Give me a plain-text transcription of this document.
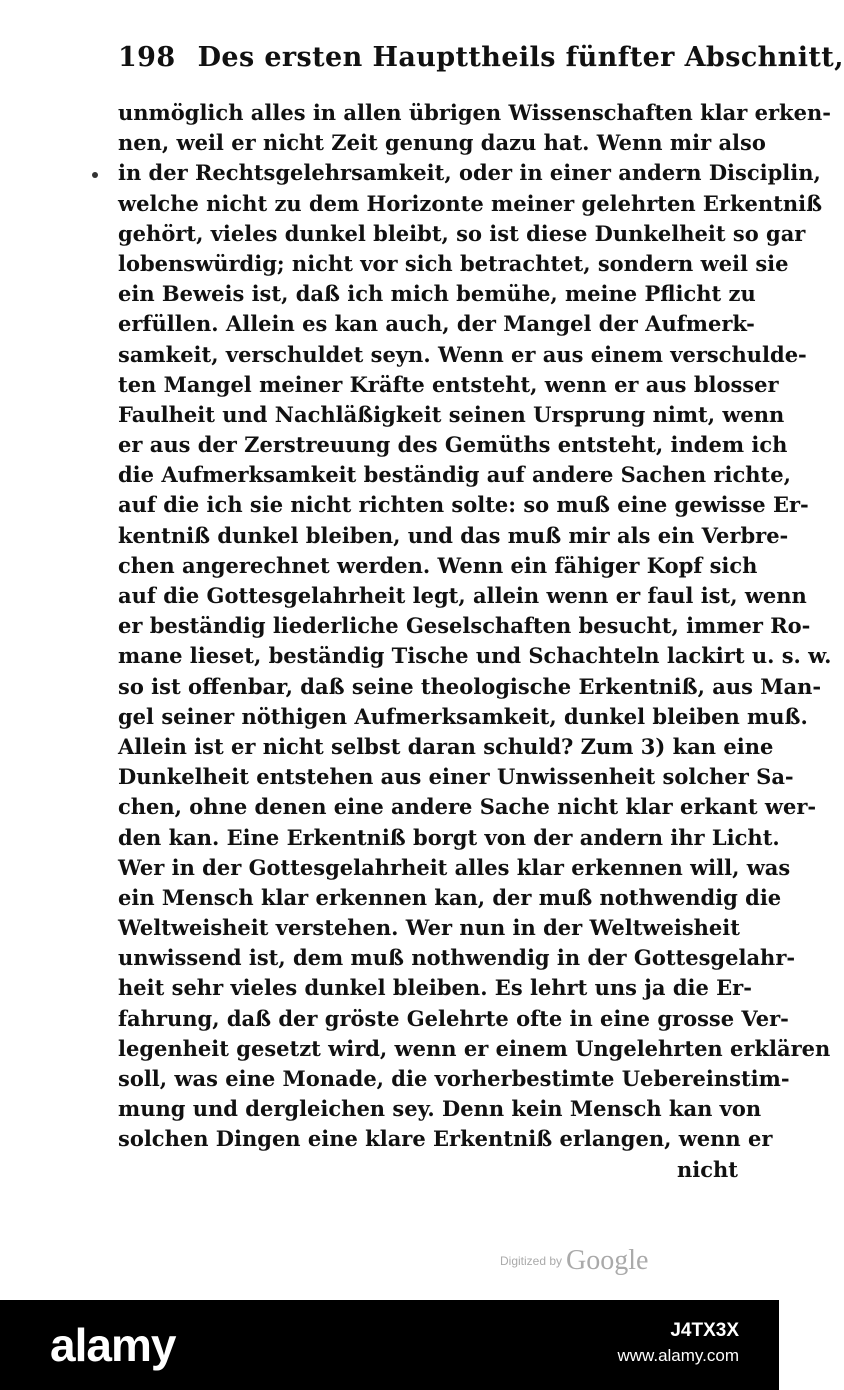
198 Des ersten Haupttheils fünfter Abschnitt,
unmöglich alles in allen übrigen Wissenschaften klar erken-
nen, weil er nicht Zeit genung dazu hat. Wenn mir also
in der Rechtsgelehrsamkeit, oder in einer andern Disciplin,
welche nicht zu dem Horizonte meiner gelehrten Erkentniß
gehört, vieles dunkel bleibt, so ist diese Dunkelheit so gar
lobenswürdig; nicht vor sich betrachtet, sondern weil sie
ein Beweis ist, daß ich mich bemühe, meine Pflicht zu
erfüllen. Allein es kan auch, der Mangel der Aufmerk-
samkeit, verschuldet seyn. Wenn er aus einem verschulde-
ten Mangel meiner Kräfte entsteht, wenn er aus blosser
Faulheit und Nachläßigkeit seinen Ursprung nimt, wenn
er aus der Zerstreuung des Gemüths entsteht, indem ich
die Aufmerksamkeit beständig auf andere Sachen richte,
auf die ich sie nicht richten solte: so muß eine gewisse Er-
kentniß dunkel bleiben, und das muß mir als ein Verbre-
chen angerechnet werden. Wenn ein fähiger Kopf sich
auf die Gottesgelahrheit legt, allein wenn er faul ist, wenn
er beständig liederliche Geselschaften besucht, immer Ro-
mane lieset, beständig Tische und Schachteln lackirt u. s. w.
so ist offenbar, daß seine theologische Erkentniß, aus Man-
gel seiner nöthigen Aufmerksamkeit, dunkel bleiben muß.
Allein ist er nicht selbst daran schuld? Zum 3) kan eine
Dunkelheit entstehen aus einer Unwissenheit solcher Sa-
chen, ohne denen eine andere Sache nicht klar erkant wer-
den kan. Eine Erkentniß borgt von der andern ihr Licht.
Wer in der Gottesgelahrheit alles klar erkennen will, was
ein Mensch klar erkennen kan, der muß nothwendig die
Weltweisheit verstehen. Wer nun in der Weltweisheit
unwissend ist, dem muß nothwendig in der Gottesgelahr-
heit sehr vieles dunkel bleiben. Es lehrt uns ja die Er-
fahrung, daß der gröste Gelehrte ofte in eine grosse Ver-
legenheit gesetzt wird, wenn er einem Ungelehrten erklären
soll, was eine Monade, die vorherbestimte Uebereinstim-
mung und dergleichen sey. Denn kein Mensch kan von
solchen Dingen eine klare Erkentniß erlangen, wenn er
nicht
Digitized by Google
alamy	J4TX3X
www.alamy.com
